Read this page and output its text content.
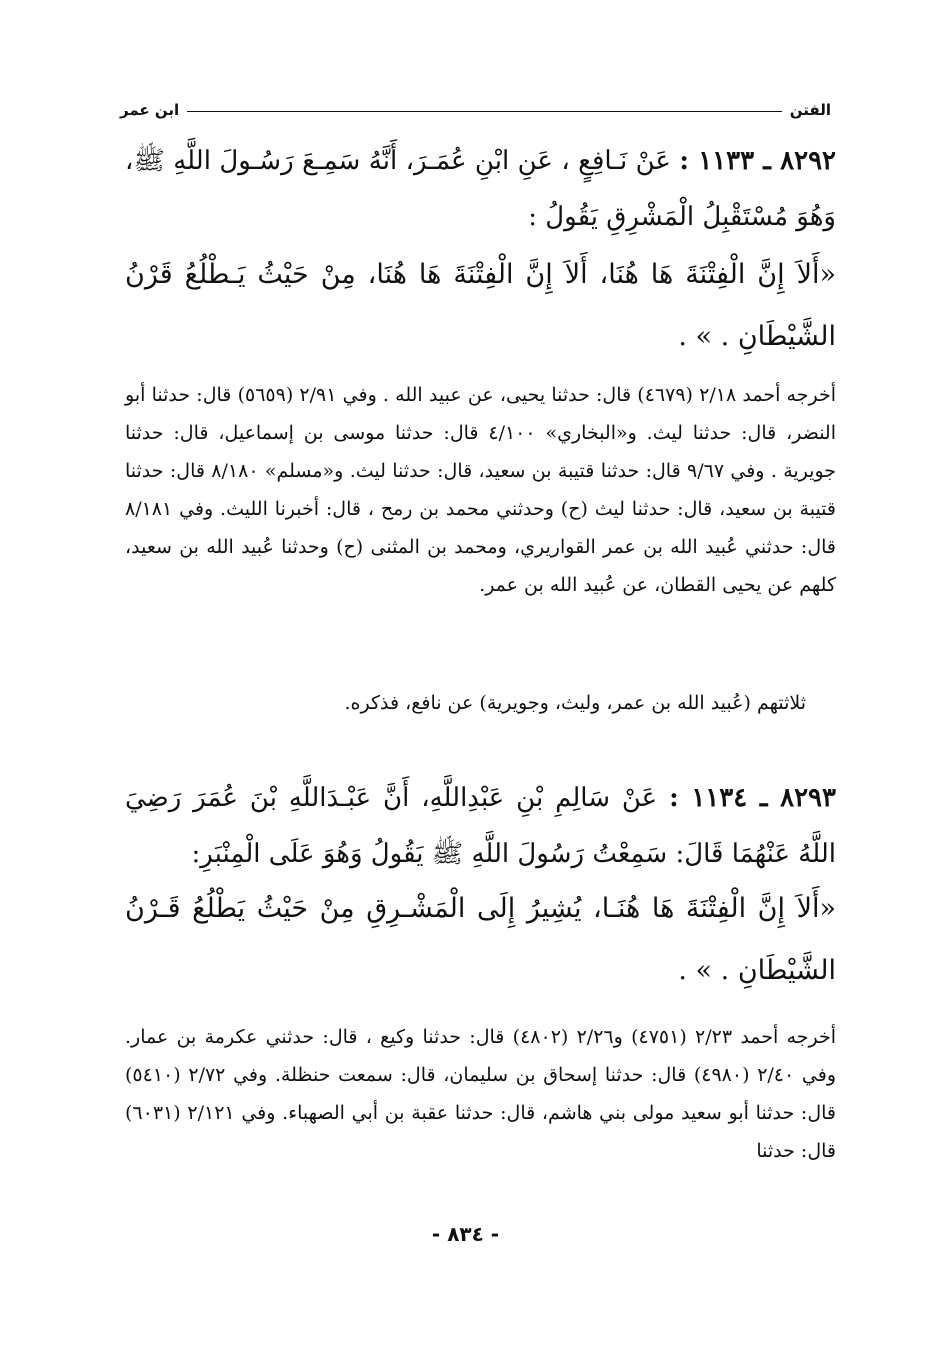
الفتن
ابن عمر
٨٢٩٢ ـ ١١٣٣ : عَنْ نَـافِعٍ ، عَنِ ابْنِ عُمَـرَ، أَنَّهُ سَمِـعَ رَسُـولَ اللَّهِ ﷺ، وَهُوَ مُسْتَقْبِلُ الْمَشْرِقِ يَقُولُ :
«أَلاَ إِنَّ الْفِتْنَةَ هَا هُنَا، أَلاَ إِنَّ الْفِتْنَةَ هَا هُنَا، مِنْ حَيْثُ يَـطْلُعُ قَرْنُ الشَّيْطَانِ . » .
أخرجه أحمد ٢/١٨ (٤٦٧٩) قال: حدثنا يحيى، عن عبيد الله . وفي ٢/٩١ (٥٦٥٩) قال: حدثنا أبو النضر، قال: حدثنا ليث. و«البخاري» ٤/١٠٠ قال: حدثنا موسى بن إسماعيل، قال: حدثنا جويرية . وفي ٩/٦٧ قال: حدثنا قتيبة بن سعيد، قال: حدثنا ليث. و«مسلم» ٨/١٨٠ قال: حدثنا قتيبة بن سعيد، قال: حدثنا ليث (ح) وحدثني محمد بن رمح ، قال: أخبرنا الليث. وفي ٨/١٨١ قال: حدثني عُبيد الله بن عمر القواريري، ومحمد بن المثنى (ح) وحدثنا عُبيد الله بن سعيد، كلهم عن يحيى القطان، عن عُبيد الله بن عمر.
ثلاثتهم (عُبيد الله بن عمر، وليث، وجويرية) عن نافع، فذكره.
٨٢٩٣ ـ ١١٣٤ : عَنْ سَالِمِ بْنِ عَبْدِاللَّهِ، أَنَّ عَبْـدَاللَّهِ بْنَ عُمَرَ رَضِيَ اللَّهُ عَنْهُمَا قَالَ: سَمِعْتُ رَسُولَ اللَّهِ ﷺ يَقُولُ وَهُوَ عَلَى الْمِنْبَرِ:
«أَلاَ إِنَّ الْفِتْنَةَ هَا هُنَـا، يُشِيرُ إِلَى الْمَشْـرِقِ مِنْ حَيْثُ يَطْلُعُ قَـرْنُ الشَّيْطَانِ . » .
أخرجه أحمد ٢/٢٣ (٤٧٥١) و٢/٢٦ (٤٨٠٢) قال: حدثنا وكيع ، قال: حدثني عكرمة بن عمار. وفي ٢/٤٠ (٤٩٨٠) قال: حدثنا إسحاق بن سليمان، قال: سمعت حنظلة. وفي ٢/٧٢ (٥٤١٠) قال: حدثنا أبو سعيد مولى بني هاشم، قال: حدثنا عقبة بن أبي الصهباء. وفي ٢/١٢١ (٦٠٣١) قال: حدثنا
- ٨٣٤ -
